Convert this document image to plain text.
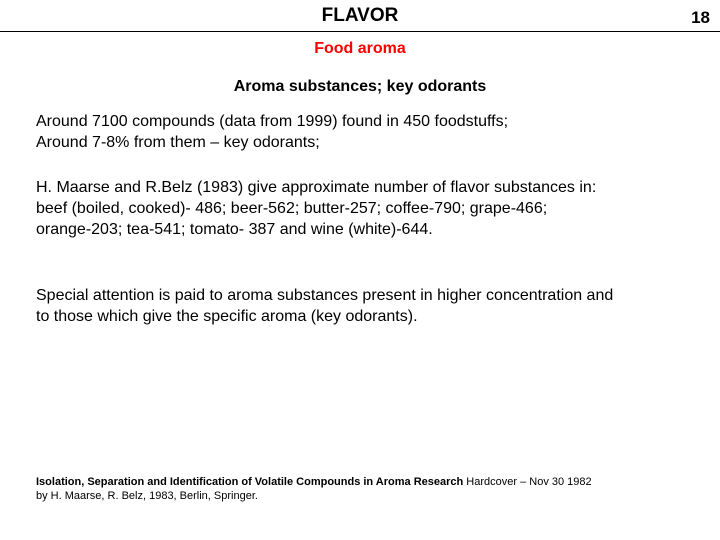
FLAVOR	18
Food aroma
Aroma substances; key odorants
Around 7100 compounds (data from 1999) found in 450 foodstuffs;
Around 7-8% from them – key odorants;
H. Maarse and R.Belz (1983) give approximate number of flavor substances in:
beef (boiled, cooked)- 486; beer-562; butter-257; coffee-790; grape-466;
orange-203; tea-541; tomato- 387 and wine (white)-644.
Special attention is paid to aroma substances present in higher concentration and
to those which give the specific aroma (key odorants).
Isolation, Separation and Identification of Volatile Compounds in Aroma Research Hardcover – Nov 30 1982
by H. Maarse, R. Belz, 1983, Berlin, Springer.
